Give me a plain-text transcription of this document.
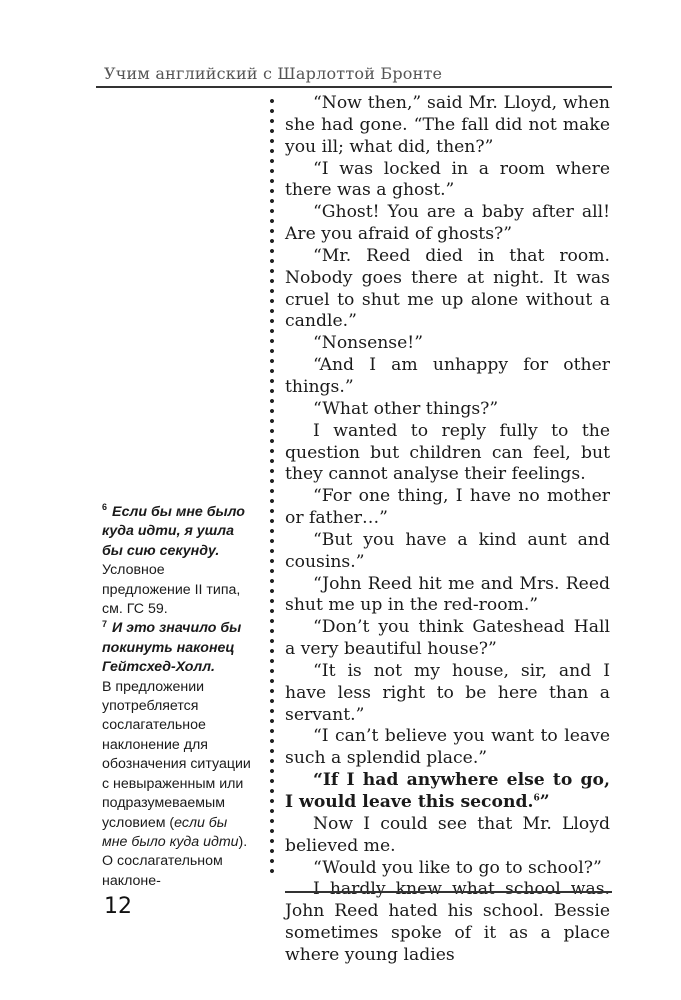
Учим английский с Шарлоттой Бронте
$^6$ Если бы мне было куда идти, я ушла бы сию секунду.

Условное предложение II типа, см. ГС 59.

$^7$ И это значило бы покинуть наконец Гейтсхед-Холл.

В предложении употребляется сослагательное наклонение для обозначения ситуации с невыраженным или подразумеваемым условием (если бы мне было куда идти). О сослагательном наклоне-

“Now then,” said Mr. Lloyd, when she had gone. “The fall did not make you ill; what did, then?”

“I was locked in a room where there was a ghost.”

“Ghost! You are a baby after all! Are you afraid of ghosts?”

“Mr. Reed died in that room. Nobody goes there at night. It was cruel to shut me up alone without a candle.”

“Nonsense!”

“And I am unhappy for other things.”

“What other things?”

I wanted to reply fully to the question but children can feel, but they cannot analyse their feelings.

“For one thing, I have no mother or father…”

“But you have a kind aunt and cousins.”

“John Reed hit me and Mrs. Reed shut me up in the red-room.”

“Don’t you think Gateshead Hall a very beautiful house?”

“It is not my house, sir, and I have less right to be here than a servant.”

“I can’t believe you want to leave such a splendid place.”

“If I had anywhere else to go, I would leave this second.$^6$”

Now I could see that Mr. Lloyd believed me.

“Would you like to go to school?”

I hardly knew what school was. John Reed hated his school. Bessie sometimes spoke of it as a place where young ladies

12
